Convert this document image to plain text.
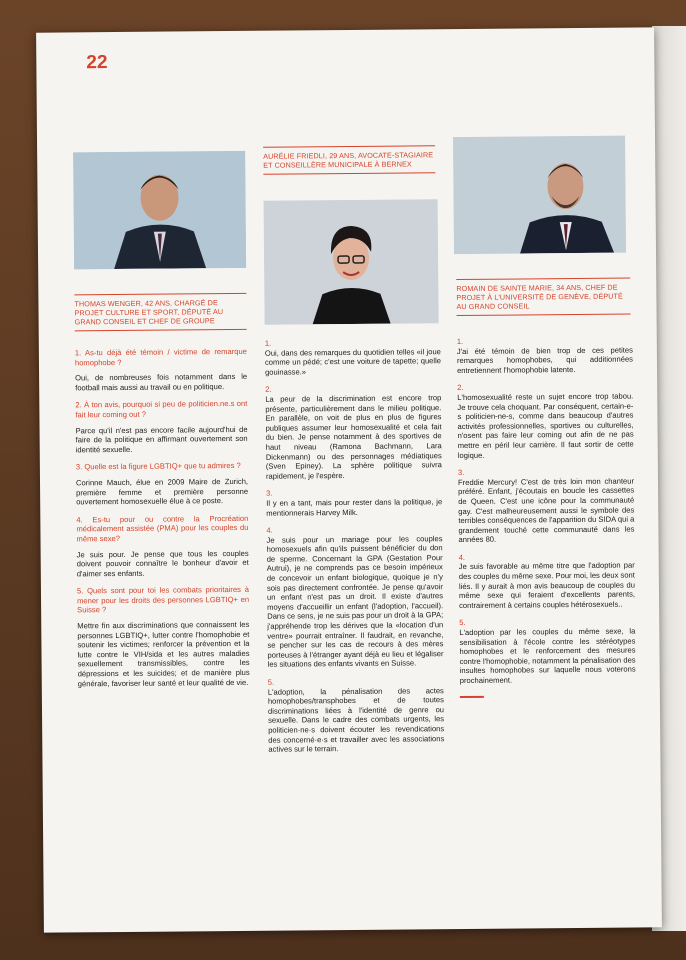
22
THOMAS WENGER, 42 ANS, CHARGÉ DE PROJET CULTURE ET SPORT, DÉPUTÉ AU GRAND CONSEIL ET CHEF DE GROUPE
1. As-tu déjà été témoin / victime de remarque homophobe ?
Oui, de nombreuses fois notamment dans le football mais aussi au travail ou en politique.
2. À ton avis, pourquoi si peu de politicien.ne.s ont fait leur coming out ?
Parce qu'il n'est pas encore facile aujourd'hui de faire de la politique en affirmant ouvertement son identité sexuelle.
3. Quelle est la figure LGBTIQ+ que tu admires ?
Corinne Mauch, élue en 2009 Maire de Zurich, première femme et première personne ouvertement homosexuelle élue à ce poste.
4. Es-tu pour ou contre la Procréation médicalement assistée (PMA) pour les couples du même sexe?
Je suis pour. Je pense que tous les couples doivent pouvoir connaître le bonheur d'avoir et d'aimer ses enfants.
5. Quels sont pour toi les combats prioritaires à mener pour les droits des personnes LGBTIQ+ en Suisse ?
Mettre fin aux discriminations que connaissent les personnes LGBTIQ+, lutter contre l'homophobie et soutenir les victimes; renforcer la prévention et la lutte contre le VIH/sida et les autres maladies sexuellement transmissibles, contre les dépressions et les suicides; et de manière plus générale, favoriser leur santé et leur qualité de vie.
AURÉLIE FRIEDLI, 29 ANS, AVOCATE-STAGIAIRE ET CONSEILLÈRE MUNICIPALE À BERNEX
1.
Oui, dans des remarques du quotidien telles «il joue comme un pédé; c'est une voiture de tapette; quelle gouinasse.»
2.
La peur de la discrimination est encore trop présente, particulièrement dans le milieu politique. En parallèle, on voit de plus en plus de figures publiques assumer leur homosexualité et cela fait du bien. Je pense notamment à des sportives de haut niveau (Ramona Bachmann, Lara Dickenmann) ou des personnages médiatiques (Sven Epiney). La sphère politique suivra rapidement, je l'espère.
3.
Il y en a tant, mais pour rester dans la politique, je mentionnerais Harvey Milk.
4.
Je suis pour un mariage pour les couples homosexuels afin qu'ils puissent bénéficier du don de sperme. Concernant la GPA (Gestation Pour Autrui), je ne comprends pas ce besoin impérieux de concevoir un enfant biologique, quoique je n'y sois pas directement confrontée. Je pense qu'avoir un enfant n'est pas un droit. Il existe d'autres moyens d'accueillir un enfant (l'adoption, l'accueil). Dans ce sens, je ne suis pas pour un droit à la GPA; j'appréhende trop les dérives que la «location d'un ventre» pourrait entraîner. Il faudrait, en revanche, se pencher sur les cas de recours à des mères porteuses à l'étranger ayant déjà eu lieu et légaliser les situations des enfants vivants en Suisse.
5.
L'adoption, la pénalisation des actes homophobes/transphobes et de toutes discriminations liées à l'identité de genre ou sexuelle. Dans le cadre des combats urgents, les politicien·ne·s doivent écouter les revendications des concerné·e·s et travailler avec les associations actives sur le terrain.
ROMAIN DE SAINTE MARIE, 34 ANS, CHEF DE PROJET À L'UNIVERSITÉ DE GENÈVE, DÉPUTÉ AU GRAND CONSEIL
1.
J'ai été témoin de bien trop de ces petites remarques homophobes, qui additionnées entretiennent l'homophobie latente.
2.
L'homosexualité reste un sujet encore trop tabou. Je trouve cela choquant. Par conséquent, certain-e-s politicien-ne-s, comme dans beaucoup d'autres activités professionnelles, sportives ou culturelles, n'osent pas faire leur coming out afin de ne pas mettre en péril leur carrière. Il faut sortir de cette logique.
3.
Freddie Mercury! C'est de très loin mon chanteur préféré. Enfant, j'écoutais en boucle les cassettes de Queen. C'est une icône pour la communauté gay. C'est malheureusement aussi le symbole des terribles conséquences de l'apparition du SIDA qui a grandement touché cette communauté dans les années 80.
4.
Je suis favorable au même titre que l'adoption par des couples du même sexe. Pour moi, les deux sont liés. Il y aurait à mon avis beaucoup de couples du même sexe qui feraient d'excellents parents, contrairement à certains couples hétérosexuels..
5.
L'adoption par les couples du même sexe, la sensibilisation à l'école contre les stéréotypes homophobes et le renforcement des mesures contre l'homophobie, notamment la pénalisation des insultes homophobes sur laquelle nous voterons prochainement.
